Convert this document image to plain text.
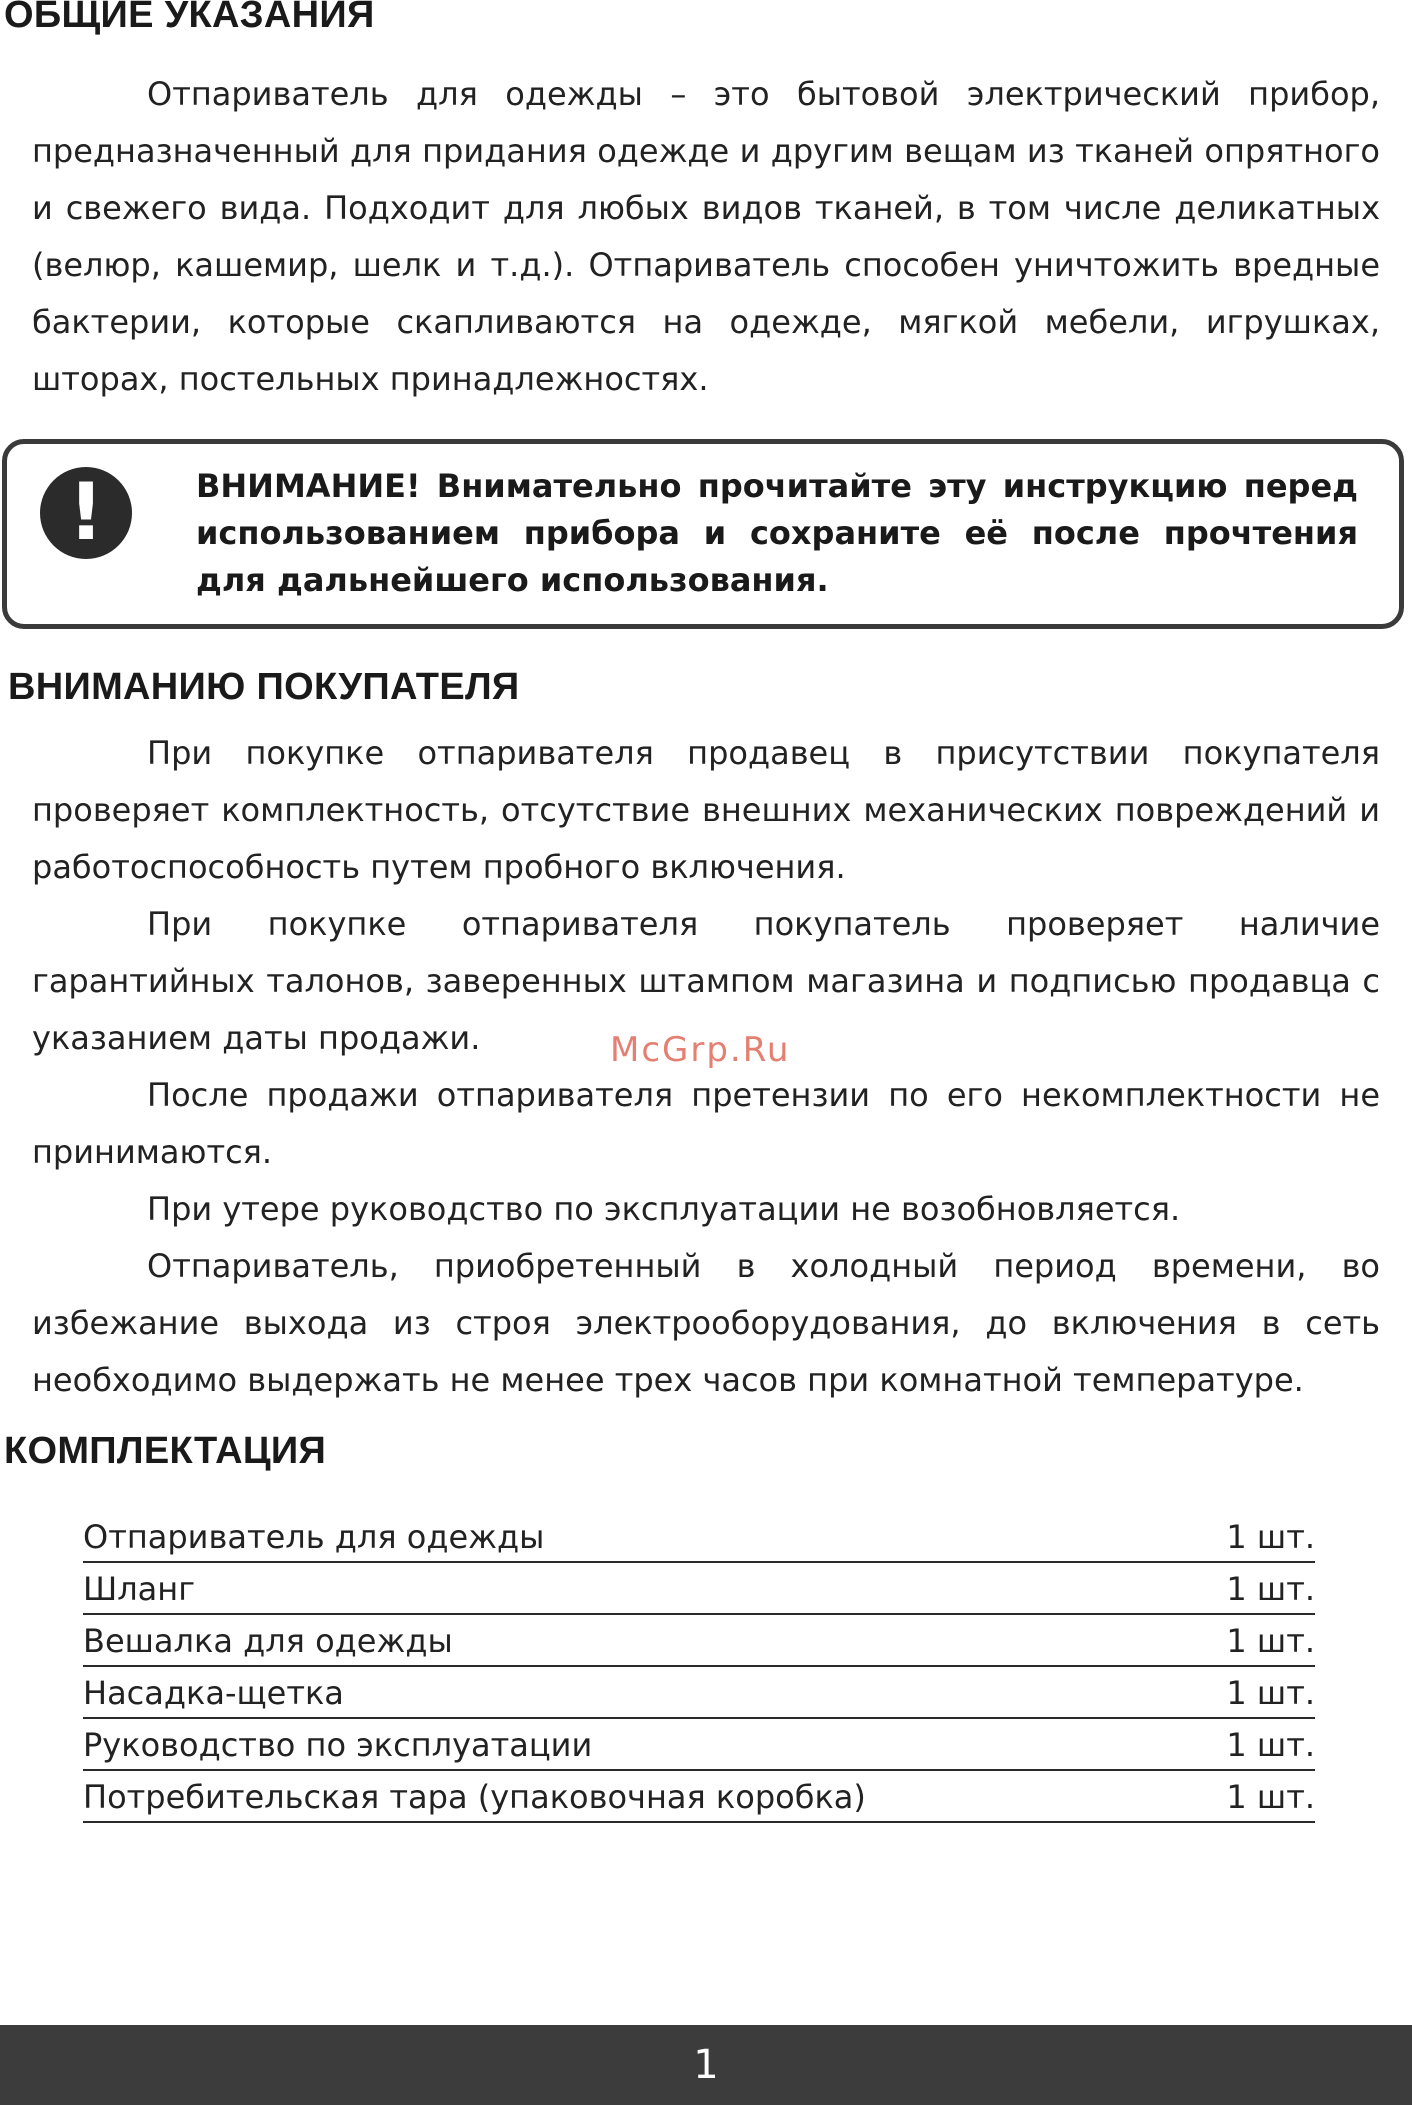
ОБЩИЕ УКАЗАНИЯ

Отпариватель для одежды – это бытовой электрический прибор, предназначенный для придания одежде и другим вещам из тканей опрятного и свежего вида. Подходит для любых видов тканей, в том числе деликатных (велюр, кашемир, шелк и т.д.). Отпариватель способен уничтожить вредные бактерии, которые скапливаются на одежде, мягкой мебели, игрушках, шторах, постельных принадлежностях.

!	ВНИМАНИЕ! Внимательно прочитайте эту инструкцию перед использованием прибора и сохраните её после прочтения для дальнейшего использования.

ВНИМАНИЮ ПОКУПАТЕЛЯ

При покупке отпаривателя продавец в присутствии покупателя проверяет комплектность, отсутствие внешних механических повреждений и работоспособность путем пробного включения.

При покупке отпаривателя покупатель проверяет наличие гарантийных талонов, заверенных штампом магазина и подписью продавца с указанием даты продажи.

После продажи отпаривателя претензии по его некомплектности не принимаются.

При утере руководство по эксплуатации не возобновляется.

Отпариватель, приобретенный в холодный период времени, во избежание выхода из строя электрооборудования, до включения в сеть необходимо выдержать не менее трех часов при комнатной температуре.

McGrp.Ru
КОМПЛЕКТАЦИЯ
Отпариватель для одежды	1 шт.
Шланг	1 шт.
Вешалка для одежды	1 шт.
Насадка-щетка	1 шт.
Руководство по эксплуатации	1 шт.
Потребительская тара (упаковочная коробка)	1 шт.
1
